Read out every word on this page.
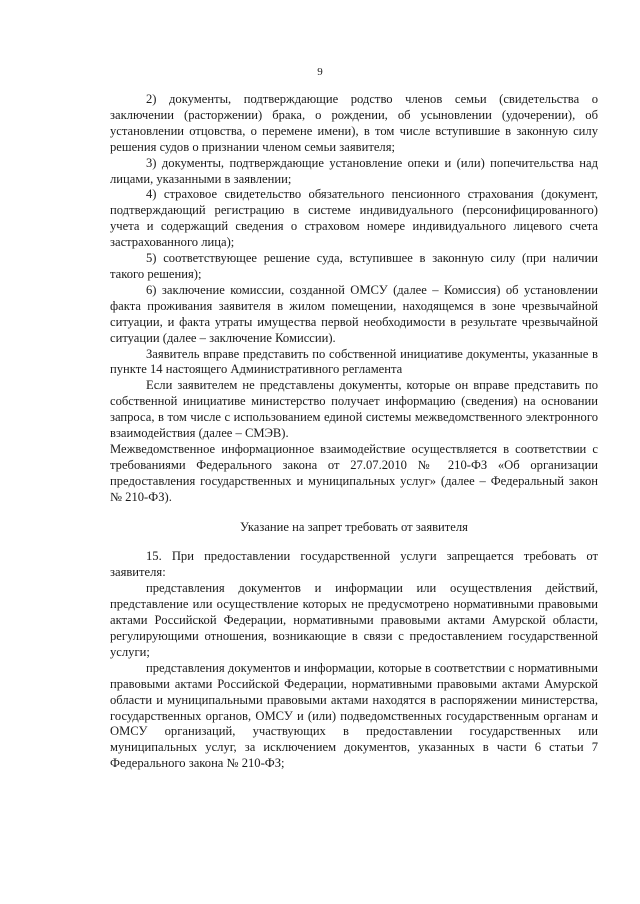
9

2) документы, подтверждающие родство членов семьи (свидетельства о заключении (расторжении) брака, о рождении, об усыновлении (удочерении), об установлении отцовства, о перемене имени), в том числе вступившие в законную силу решения судов о признании членом семьи заявителя;

3) документы, подтверждающие установление опеки и (или) попечительства над лицами, указанными в заявлении;

4) страховое свидетельство обязательного пенсионного страхования (документ, подтверждающий регистрацию в системе индивидуального (персонифицированного) учета и содержащий сведения о страховом номере индивидуального лицевого счета застрахованного лица);

5) соответствующее решение суда, вступившее в законную силу (при наличии такого решения);

6) заключение комиссии, созданной ОМСУ (далее – Комиссия) об установлении факта проживания заявителя в жилом помещении, находящемся в зоне чрезвычайной ситуации, и факта утраты имущества первой необходимости в результате чрезвычайной ситуации (далее – заключение Комиссии).

Заявитель вправе представить по собственной инициативе документы, указанные в пункте 14 настоящего Административного регламента

Если заявителем не представлены документы, которые он вправе представить по собственной инициативе министерство получает информацию (сведения) на основании запроса, в том числе с использованием единой системы межведомственного электронного взаимодействия (далее – СМЭВ).

Межведомственное информационное взаимодействие осуществляется в соответствии с требованиями Федерального закона от 27.07.2010 № 210-ФЗ «Об организации предоставления государственных и муниципальных услуг» (далее – Федеральный закон № 210-ФЗ).

Указание на запрет требовать от заявителя

15. При предоставлении государственной услуги запрещается требовать от заявителя:

представления документов и информации или осуществления действий, представление или осуществление которых не предусмотрено нормативными правовыми актами Российской Федерации, нормативными правовыми актами Амурской области, регулирующими отношения, возникающие в связи с предоставлением государственной услуги;

представления документов и информации, которые в соответствии с нормативными правовыми актами Российской Федерации, нормативными правовыми актами Амурской области и муниципальными правовыми актами находятся в распоряжении министерства, государственных органов, ОМСУ и (или) подведомственных государственным органам и ОМСУ организаций, участвующих в предоставлении государственных или муниципальных услуг, за исключением документов, указанных в части 6 статьи 7 Федерального закона № 210-ФЗ;
